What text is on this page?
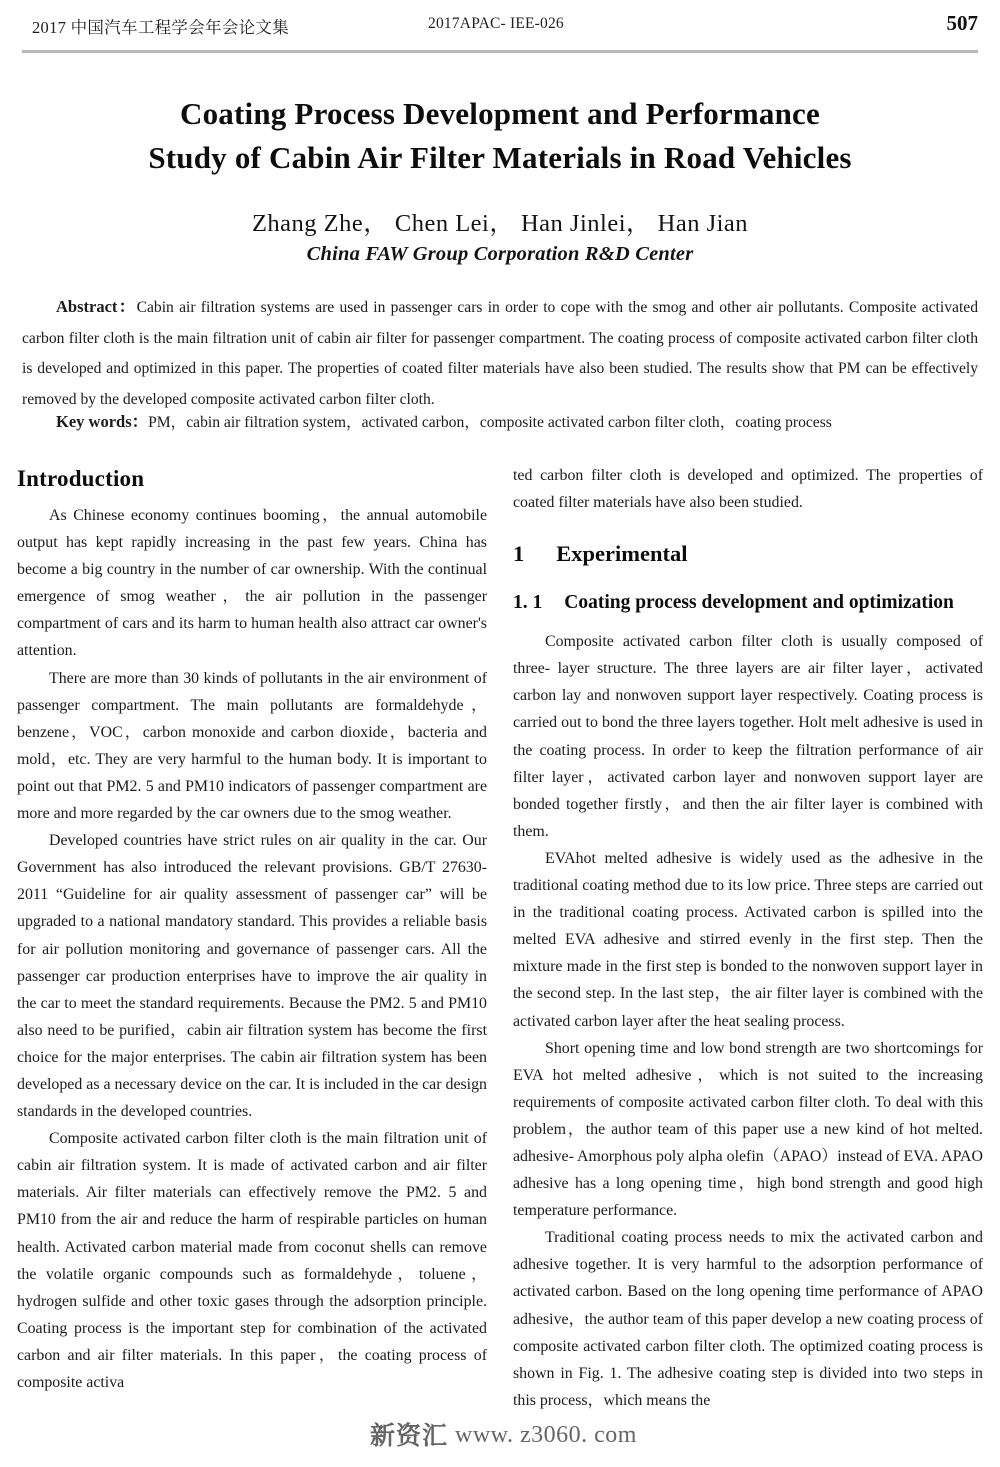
2017 中国汽车工程学会年会论文集	2017APAC- IEE-026	507
Coating Process Development and Performance
Study of Cabin Air Filter Materials in Road Vehicles
Zhang Zhe， Chen Lei， Han Jinlei， Han Jian
China FAW Group Corporation R&D Center

Abstract：Cabin air filtration systems are used in passenger cars in order to cope with the smog and other air pollutants. Composite activated carbon filter cloth is the main filtration unit of cabin air filter for passenger compartment. The coating process of composite activated carbon filter cloth is developed and optimized in this paper. The properties of coated filter materials have also been studied. The results show that PM can be effectively removed by the developed composite activated carbon filter cloth.

Key words：PM，cabin air filtration system，activated carbon，composite activated carbon filter cloth，coating process
Introduction

As Chinese economy continues booming，the annual automobile output has kept rapidly increasing in the past few years. China has become a big country in the number of car ownership. With the continual emergence of smog weather，the air pollution in the passenger compartment of cars and its harm to human health also attract car owner's attention.

There are more than 30 kinds of pollutants in the air environment of passenger compartment. The main pollutants are formaldehyde，benzene，VOC，carbon monoxide and carbon dioxide，bacteria and mold，etc. They are very harmful to the human body. It is important to point out that PM2. 5 and PM10 indicators of passenger compartment are more and more regarded by the car owners due to the smog weather.

Developed countries have strict rules on air quality in the car. Our Government has also introduced the relevant provisions. GB/T 27630- 2011 “Guideline for air quality assessment of passenger car” will be upgraded to a national mandatory standard. This provides a reliable basis for air pollution monitoring and governance of passenger cars. All the passenger car production enterprises have to improve the air quality in the car to meet the standard requirements. Because the PM2. 5 and PM10 also need to be purified，cabin air filtration system has become the first choice for the major enterprises. The cabin air filtration system has been developed as a necessary device on the car. It is included in the car design standards in the developed countries.

Composite activated carbon filter cloth is the main filtration unit of cabin air filtration system. It is made of activated carbon and air filter materials. Air filter materials can effectively remove the PM2. 5 and PM10 from the air and reduce the harm of respirable particles on human health. Activated carbon material made from coconut shells can remove the volatile organic compounds such as formaldehyde，toluene，hydrogen sulfide and other toxic gases through the adsorption principle. Coating process is the important step for combination of the activated carbon and air filter materials. In this paper，the coating process of composite activa

ted carbon filter cloth is developed and optimized. The properties of coated filter materials have also been studied.

1 Experimental
1. 1 Coating process development and optimization

Composite activated carbon filter cloth is usually composed of three- layer structure. The three layers are air filter layer，activated carbon lay and nonwoven support layer respectively. Coating process is carried out to bond the three layers together. Holt melt adhesive is used in the coating process. In order to keep the filtration performance of air filter layer，activated carbon layer and nonwoven support layer are bonded together firstly，and then the air filter layer is combined with them.

EVAhot melted adhesive is widely used as the adhesive in the traditional coating method due to its low price. Three steps are carried out in the traditional coating process. Activated carbon is spilled into the melted EVA adhesive and stirred evenly in the first step. Then the mixture made in the first step is bonded to the nonwoven support layer in the second step. In the last step，the air filter layer is combined with the activated carbon layer after the heat sealing process.

Short opening time and low bond strength are two shortcomings for EVA hot melted adhesive，which is not suited to the increasing requirements of composite activated carbon filter cloth. To deal with this problem，the author team of this paper use a new kind of hot melted. adhesive- Amorphous poly alpha olefin（APAO）instead of EVA. APAO adhesive has a long opening time，high bond strength and good high temperature performance.

Traditional coating process needs to mix the activated carbon and adhesive together. It is very harmful to the adsorption performance of activated carbon. Based on the long opening time performance of APAO adhesive，the author team of this paper develop a new coating process of composite activated carbon filter cloth. The optimized coating process is shown in Fig. 1. The adhesive coating step is divided into two steps in this process，which means the

新资汇 www. z3060. com
